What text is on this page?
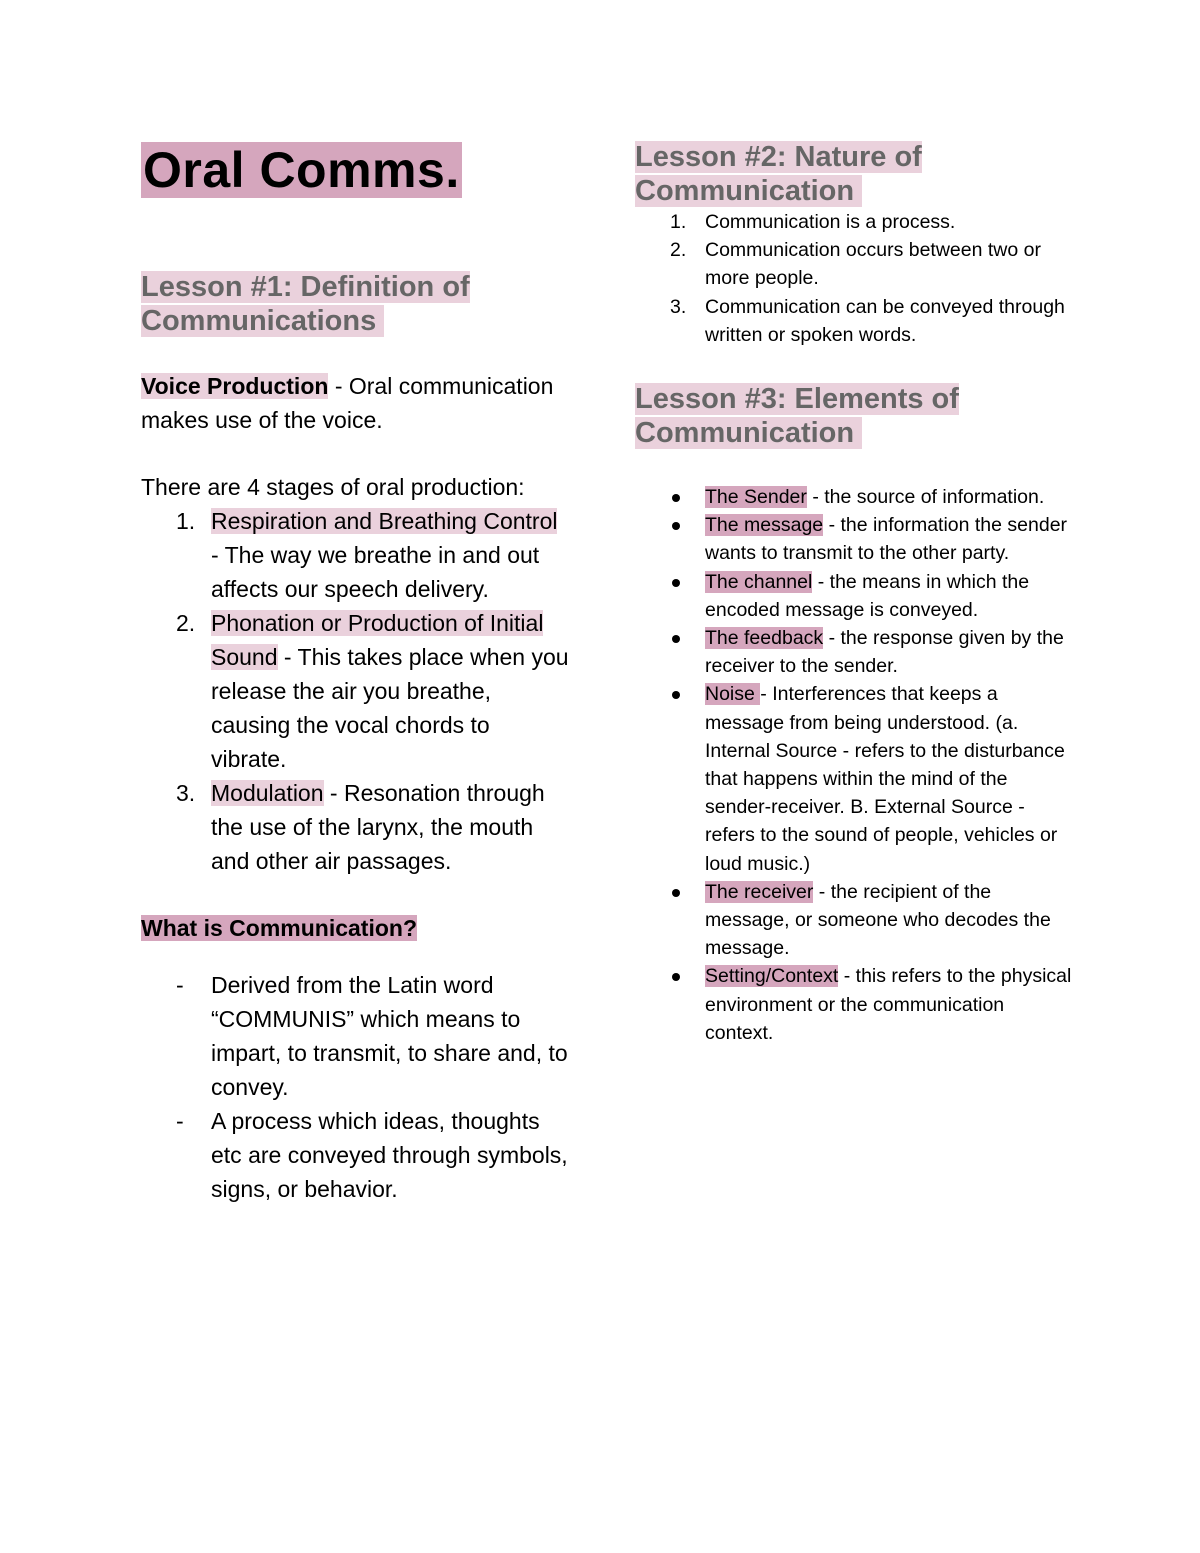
Oral Comms.
Lesson #1: Definition of Communications

Voice Production - Oral communication makes use of the voice.

There are 4 stages of oral production:

1. Respiration and Breathing Control - The way we breathe in and out affects our speech delivery.
2. Phonation or Production of Initial Sound - This takes place when you release the air you breathe, causing the vocal chords to vibrate.
3. Modulation - Resonation through the use of the larynx, the mouth and other air passages.

What is Communication?

- Derived from the Latin word “COMMUNIS” which means to impart, to transmit, to share and, to convey.
- A process which ideas, thoughts etc are conveyed through symbols, signs, or behavior.
Lesson #2: Nature of Communication
1. Communication is a process.
2. Communication occurs between two or more people.
3. Communication can be conveyed through written or spoken words.
Lesson #3: Elements of Communication
The Sender - the source of information.
The message - the information the sender wants to transmit to the other party.
The channel - the means in which the encoded message is conveyed.
The feedback - the response given by the receiver to the sender.
Noise - Interferences that keeps a message from being understood. (a. Internal Source - refers to the disturbance that happens within the mind of the sender-receiver. B. External Source - refers to the sound of people, vehicles or loud music.)
The receiver - the recipient of the message, or someone who decodes the message.
Setting/Context - this refers to the physical environment or the communication context.
